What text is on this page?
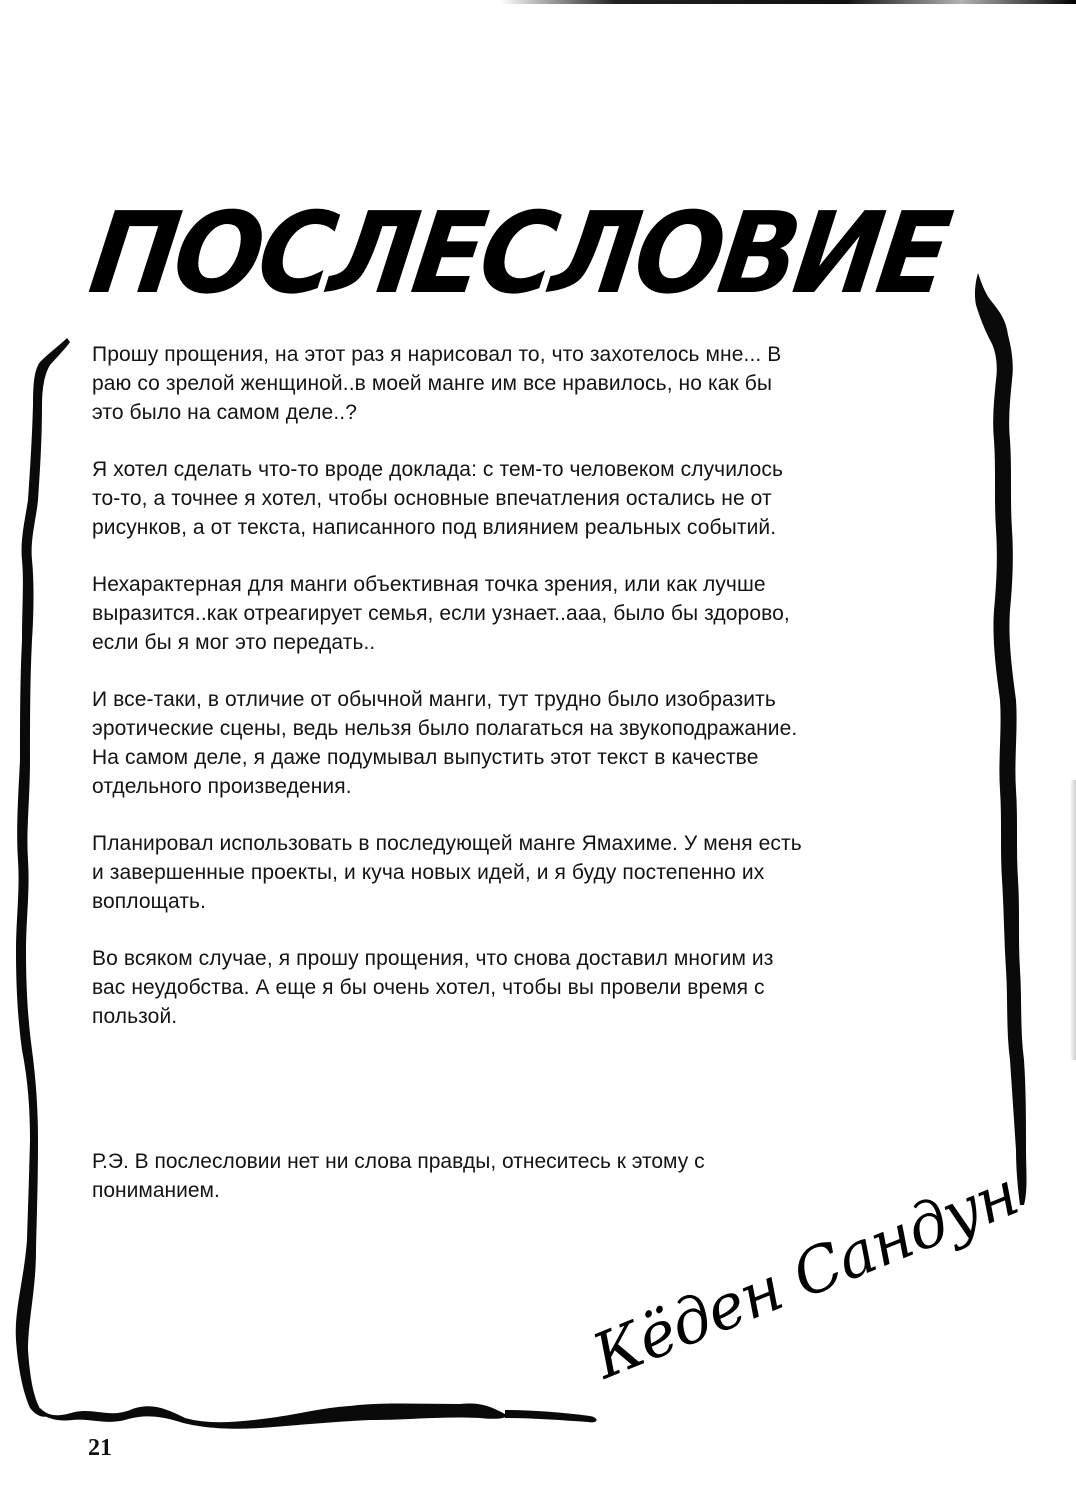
ПОСЛЕСЛОВИЕ

Прошу прощения, на этот раз я нарисовал то, что захотелось мне... В
раю со зрелой женщиной..в моей манге им все нравилось, но как бы
это было на самом деле..?

Я хотел сделать что-то вроде доклада: с тем-то человеком случилось
то-то, а точнее я хотел, чтобы основные впечатления остались не от
рисунков, а от текста, написанного под влиянием реальных событий.

Нехарактерная для манги объективная точка зрения, или как лучше
выразится..как отреагирует семья, если узнает..ааа, было бы здорово,
если бы я мог это передать..

И все-таки, в отличие от обычной манги, тут трудно было изобразить
эротические сцены, ведь нельзя было полагаться на звукоподражание.
На самом деле, я даже подумывал выпустить этот текст в качестве
отдельного произведения.

Планировал использовать в последующей манге Ямахиме. У меня есть
и завершенные проекты, и куча новых идей, и я буду постепенно их
воплощать.

Во всяком случае, я прошу прощения, что снова доставил многим из
вас неудобства. А еще я бы очень хотел, чтобы вы провели время с
пользой.

Р.Э. В послесловии нет ни слова правды, отнеситесь к этому с
пониманием.	Кёден Сандун
21
